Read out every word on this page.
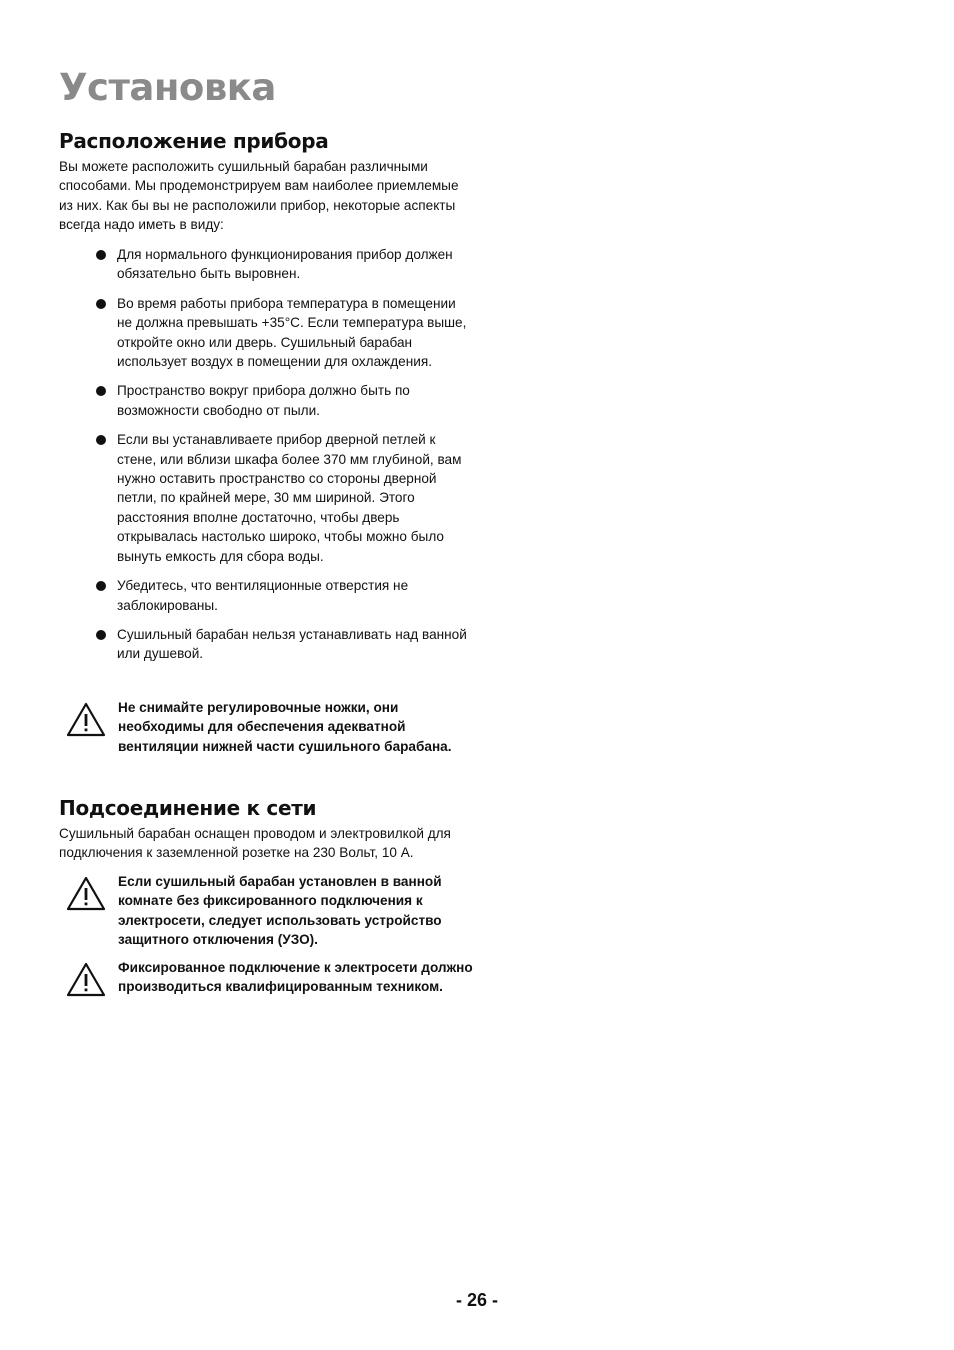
Установка
Расположение прибора

Вы можете расположить сушильный барабан различными способами. Мы продемонстрируем вам наиболее приемлемые из них. Как бы вы не расположили прибор, некоторые аспекты всегда надо иметь в виду:

Для нормального функционирования прибор должен обязательно быть выровнен.
Во время работы прибора температура в помещении не должна превышать +35°C. Если температура выше, откройте окно или дверь. Сушильный барабан использует воздух в помещении для охлаждения.
Пространство вокруг прибора должно быть по возможности свободно от пыли.
Если вы устанавливаете прибор дверной петлей к стене, или вблизи шкафа более 370 мм глубиной, вам нужно оставить пространство со стороны дверной петли, по крайней мере, 30 мм шириной. Этого расстояния вполне достаточно, чтобы дверь открывалась настолько широко, чтобы можно было вынуть емкость для сбора воды.
Убедитесь, что вентиляционные отверстия не заблокированы.
Сушильный барабан нельзя устанавливать над ванной или душевой.

Не снимайте регулировочные ножки, они необходимы для обеспечения адекватной вентиляции нижней части сушильного барабана.

Подсоединение к сети

Сушильный барабан оснащен проводом и электровилкой для подключения к заземленной розетке на 230 Вольт, 10 А.

Если сушильный барабан установлен в ванной комнате без фиксированного подключения к электросети, следует использовать устройство защитного отключения (УЗО).

Фиксированное подключение к электросети должно производиться квалифицированным техником.

- 26 -
